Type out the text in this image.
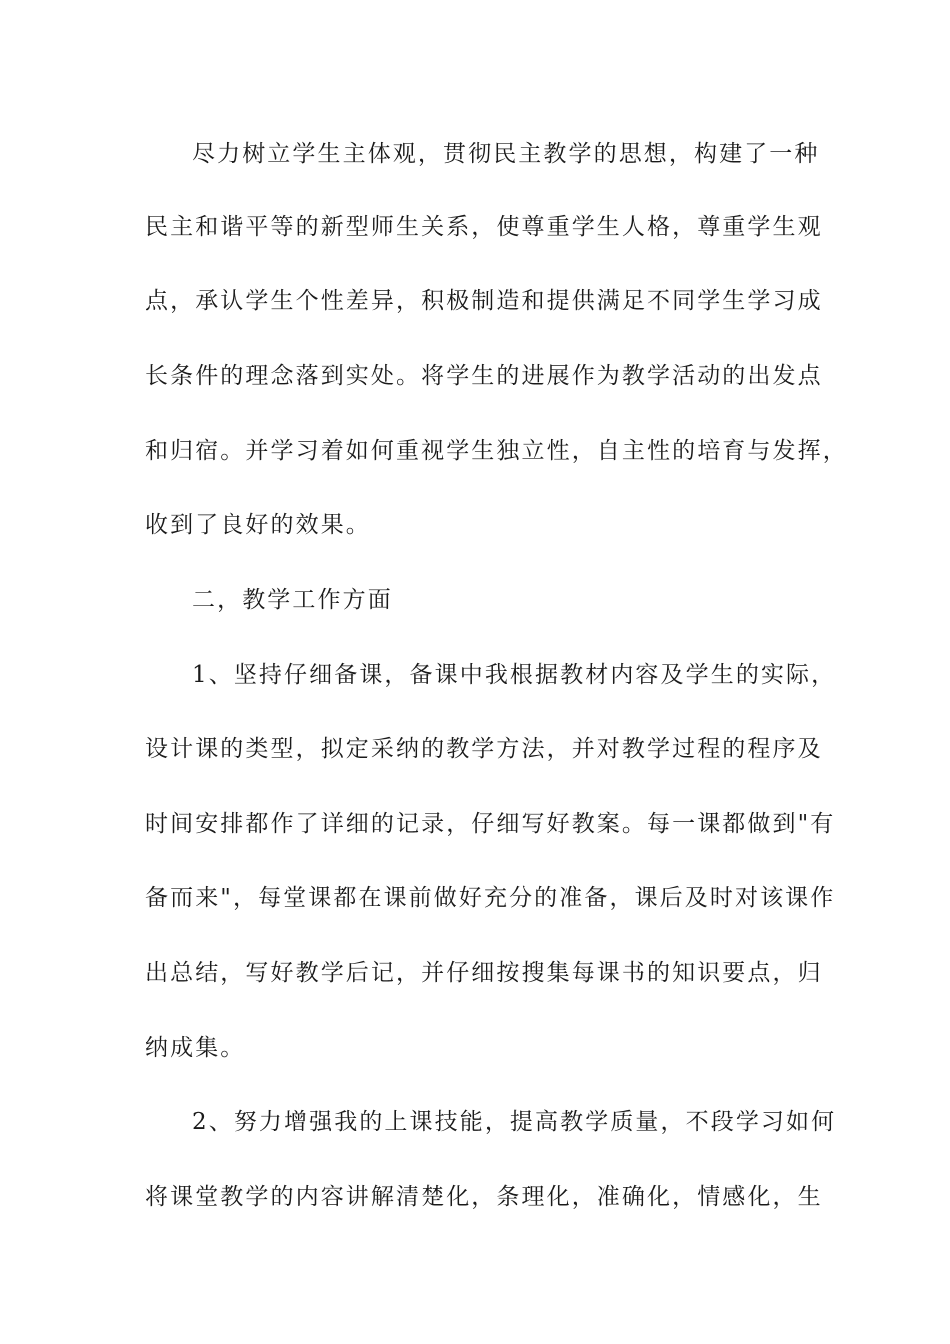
尽力树立学生主体观，贯彻民主教学的思想，构建了一种
民主和谐平等的新型师生关系，使尊重学生人格，尊重学生观
点，承认学生个性差异，积极制造和提供满足不同学生学习成
长条件的理念落到实处。将学生的进展作为教学活动的出发点
和归宿。并学习着如何重视学生独立性，自主性的培育与发挥，
收到了良好的效果。
二，教学工作方面
1、坚持仔细备课，备课中我根据教材内容及学生的实际，
设计课的类型，拟定采纳的教学方法，并对教学过程的程序及
时间安排都作了详细的记录，仔细写好教案。每一课都做到"有
备而来"，每堂课都在课前做好充分的准备，课后及时对该课作
出总结，写好教学后记，并仔细按搜集每课书的知识要点，归
纳成集。
2、努力增强我的上课技能，提高教学质量，不段学习如何
将课堂教学的内容讲解清楚化，条理化，准确化，情感化，生
